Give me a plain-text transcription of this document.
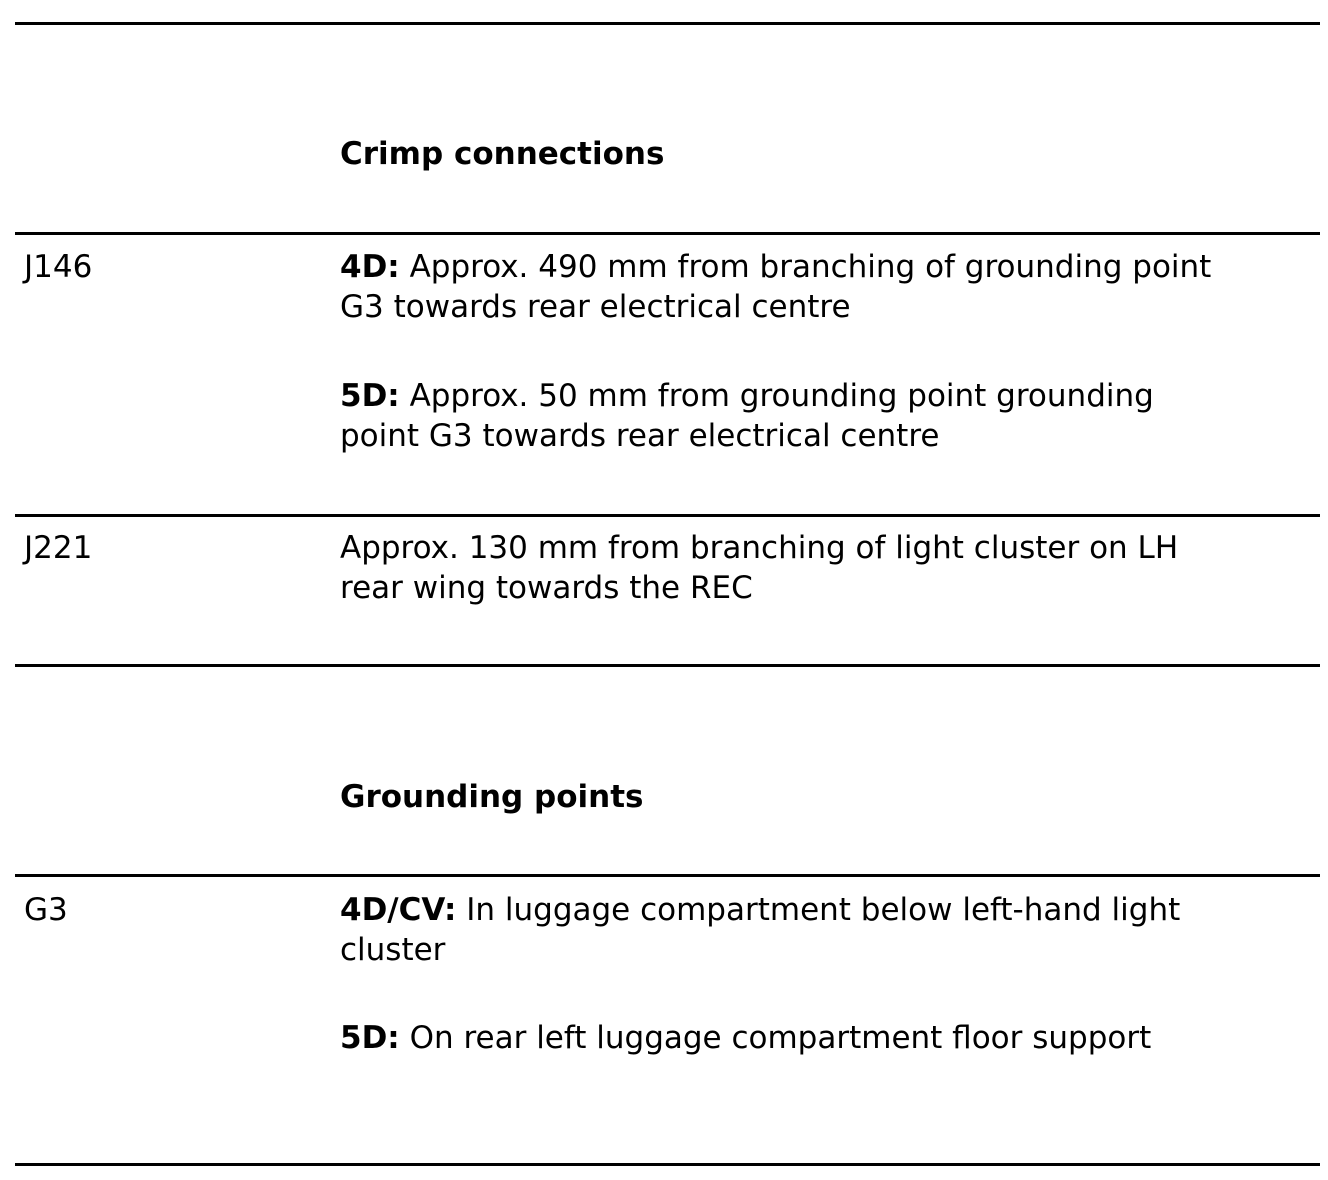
Crimp connections
J146	4D: Approx. 490 mm from branching of grounding point
G3 towards rear electrical centre
5D: Approx. 50 mm from grounding point grounding
point G3 towards rear electrical centre
J221	Approx. 130 mm from branching of light cluster on LH
rear wing towards the REC
Grounding points
G3	4D/CV: In luggage compartment below left-hand light
cluster
5D: On rear left luggage compartment floor support
